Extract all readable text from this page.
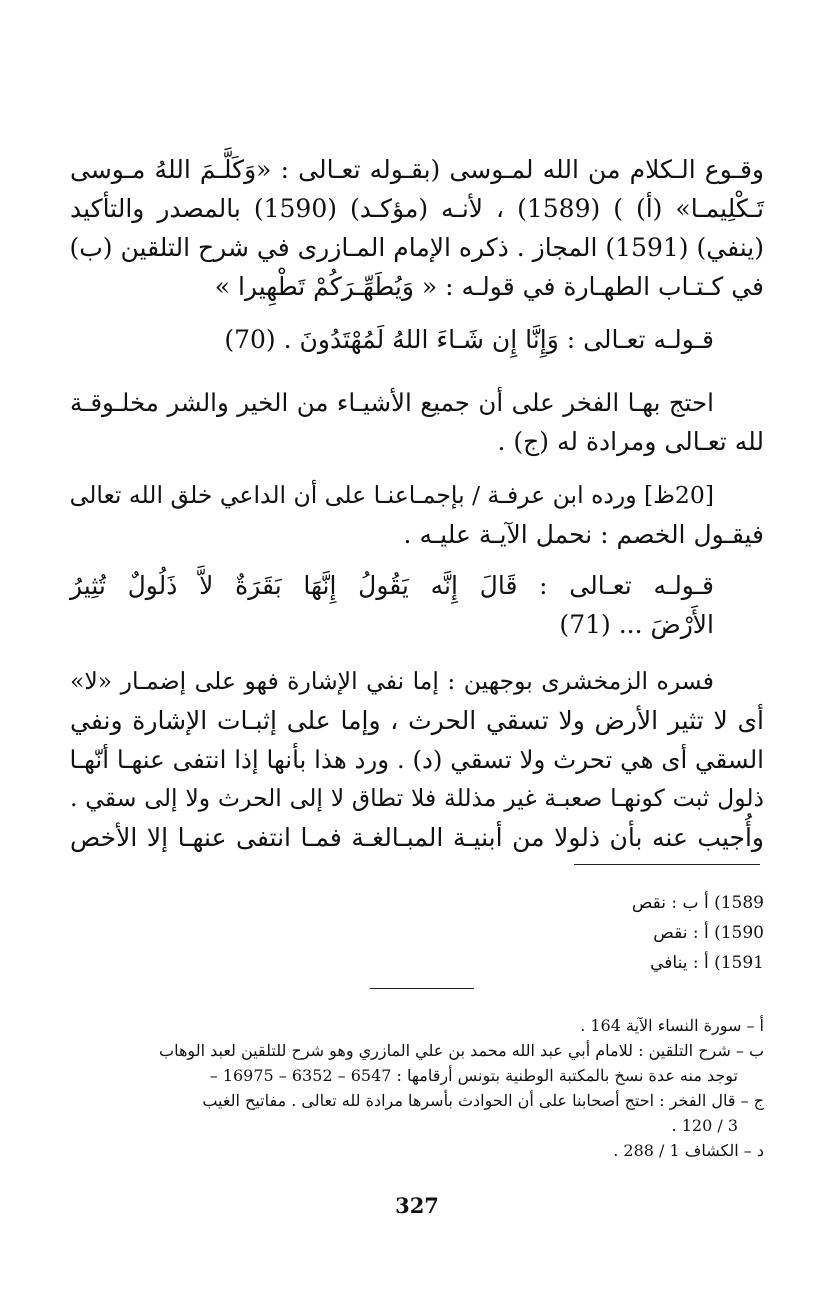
وقـوع الـكلام من الله لمـوسى (بقـوله تعـالى : «وَكَلَّـمَ اللهُ مـوسى
تَـكْلِيمـا» (أ) ) (1589) ، لأنـه (مؤكـد) (1590) بالمصدر والتأكيد
(ينفي) (1591) المجاز . ذكره الإمام المـازرى في شرح التلقين (ب)
في كـتـاب الطهـارة في قولـه : « وَيُطَهِّـرَكُمْ تَطْهِيرا »
قـولـه تعـالى : وَإِنَّا إِن شَـاءَ اللهُ لَمُهْتَدُونَ . (70)
احتج بهـا الفخر على أن جميع الأشيـاء من الخير والشر مخلـوقـة
لله تعـالى ومرادة له (ج) .
[20ظ] ورده ابن عرفـة / بإجمـاعنـا على أن الداعي خلق الله تعالى
فيقـول الخصم : نحمل الآيـة عليـه .
قـولـه تعـالى : قَالَ إِنَّه يَقُولُ إِنَّهَا بَقَرَةٌ لاَّ ذَلُولٌ تُثِيرُ
الأَرْضَ ... (71)
فسره الزمخشرى بوجهين : إما نفي الإشارة فهو على إضمـار «لا»
أى لا تثير الأرض ولا تسقي الحرث ، وإما على إثبـات الإشارة ونفي
السقي أى هي تحرث ولا تسقي (د) . ورد هذا بأنها إذا انتفى عنهـا أنّهـا
ذلول ثبت كونهـا صعبـة غير مذللة فلا تطاق لا إلى الحرث ولا إلى سقي .
وأُجيب عنه بأن ذلولا من أبنيـة المبـالغـة فمـا انتفى عنهـا إلا الأخص
1589) أ ب : نقص
1590) أ : نقص
1591) أ : ينافي
أ – سورة النساء الآية 164 .
ب – شرح التلقين : للامام أبي عبد الله محمد بن علي المازري وهو شرح للتلقين لعبد الوهاب
توجد منه عدة نسخ بالمكتبة الوطنية بتونس أرقامها : 6547 – 6352 – 16975 –
ج – قال الفخر : احتج أصحابنا على أن الحوادث بأسرها مرادة لله تعالى . مفاتيح الغيب
3 / 120 .
د – الكشاف 1 / 288 .
327
